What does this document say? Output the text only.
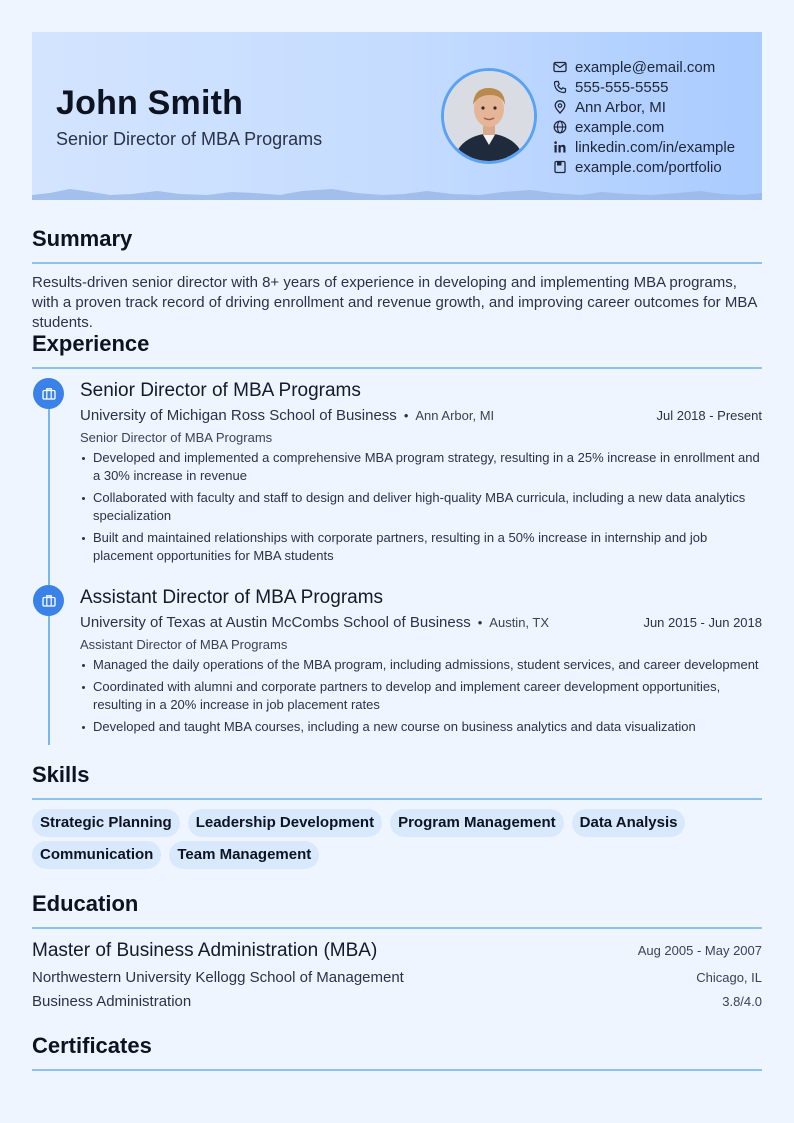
John Smith
Senior Director of MBA Programs
example@email.com
555-555-5555
Ann Arbor, MI
example.com
linkedin.com/in/example
example.com/portfolio
Summary
Results-driven senior director with 8+ years of experience in developing and implementing MBA programs, with a proven track record of driving enrollment and revenue growth, and improving career outcomes for MBA students.
Experience
Senior Director of MBA Programs
University of Michigan Ross School of Business • Ann Arbor, MI	Jul 2018 - Present
Senior Director of MBA Programs
Developed and implemented a comprehensive MBA program strategy, resulting in a 25% increase in enrollment and a 30% increase in revenue
Collaborated with faculty and staff to design and deliver high-quality MBA curricula, including a new data analytics specialization
Built and maintained relationships with corporate partners, resulting in a 50% increase in internship and job placement opportunities for MBA students
Assistant Director of MBA Programs
University of Texas at Austin McCombs School of Business • Austin, TX	Jun 2015 - Jun 2018
Assistant Director of MBA Programs
Managed the daily operations of the MBA program, including admissions, student services, and career development
Coordinated with alumni and corporate partners to develop and implement career development opportunities, resulting in a 20% increase in job placement rates
Developed and taught MBA courses, including a new course on business analytics and data visualization
Skills
Strategic Planning Leadership Development Program Management Data Analysis
Communication Team Management
Education
Master of Business Administration (MBA)	Aug 2005 - May 2007
Northwestern University Kellogg School of Management	Chicago, IL
Business Administration	3.8/4.0
Certificates
